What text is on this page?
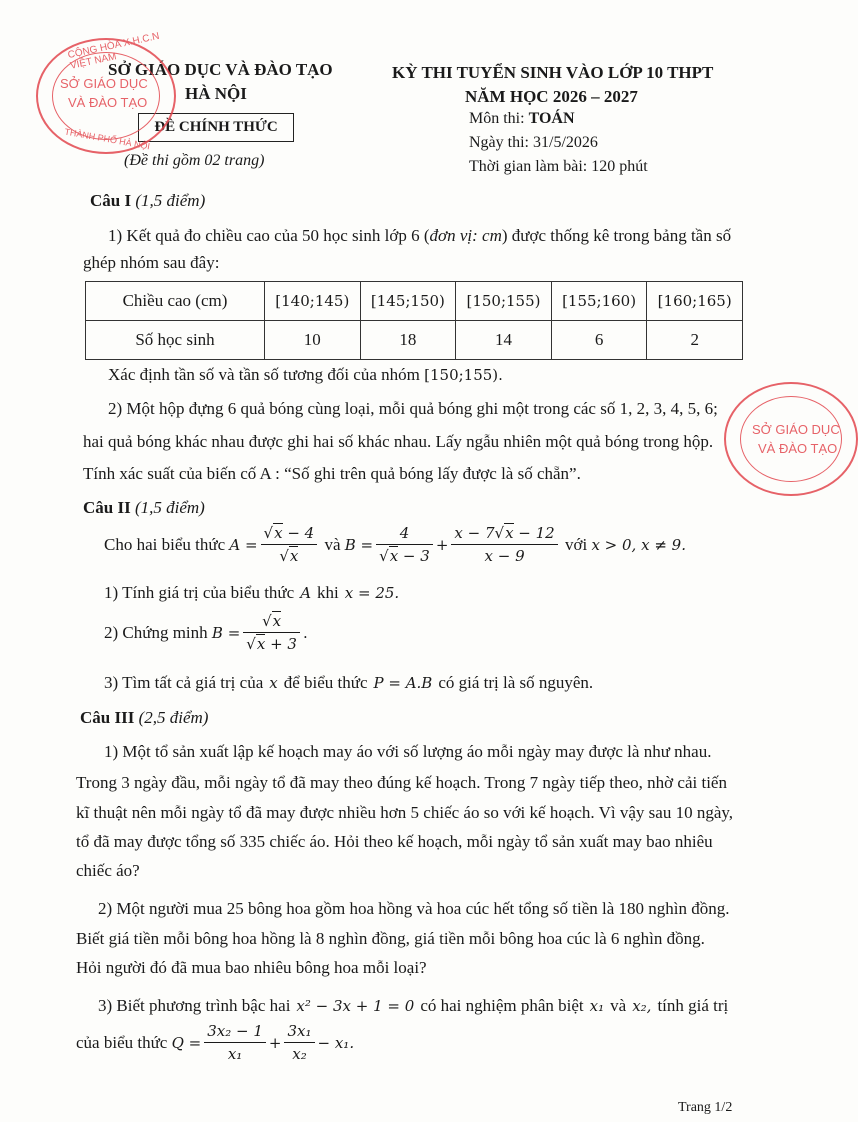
SỞ GIÁO DỤC VÀ ĐÀO TẠO
HÀ NỘI
ĐỀ CHÍNH THỨC
(Đề thi gồm 02 trang)
KỲ THI TUYỂN SINH VÀO LỚP 10 THPT
NĂM HỌC 2026 – 2027
Môn thi: TOÁN
Ngày thi: 31/5/2026
Thời gian làm bài: 120 phút
CỘNG HÒA X.H.C.N VIỆT NAM
SỞ GIÁO DỤC
VÀ ĐÀO TẠO
THÀNH PHỐ HÀ NỘI
SỞ GIÁO DỤC
VÀ ĐÀO TẠO
Câu I (1,5 điểm)
1) Kết quả đo chiều cao của 50 học sinh lớp 6 (đơn vị: cm) được thống kê trong bảng tần số
ghép nhóm sau đây:
Chiều cao (cm)	[140;145)	[145;150)	[150;155)	[155;160)	[160;165)
Số học sinh	10	18	14	6	2
Xác định tần số và tần số tương đối của nhóm [150;155).
2) Một hộp đựng 6 quả bóng cùng loại, mỗi quả bóng ghi một trong các số 1, 2, 3, 4, 5, 6;
hai quả bóng khác nhau được ghi hai số khác nhau. Lấy ngẫu nhiên một quả bóng trong hộp.
Tính xác suất của biến cố A : “Số ghi trên quả bóng lấy được là số chẵn”.
Câu II (1,5 điểm)
Cho hai biểu thức
$A = \frac{√x - 4}{√x}$
và
$B = \frac{4}{√x - 3} + \frac{x - 7√x - 12}{x - 9}$
với
x > 0, x ≠ 9.
1) Tính giá trị của biểu thức A khi x = 25.
2) Chứng minh
$B = \frac{√x}{√x + 3}$ .
3) Tìm tất cả giá trị của x để biểu thức P = A.B có giá trị là số nguyên.
Câu III (2,5 điểm)
1) Một tổ sản xuất lập kế hoạch may áo với số lượng áo mỗi ngày may được là như nhau.
Trong 3 ngày đầu, mỗi ngày tổ đã may theo đúng kế hoạch. Trong 7 ngày tiếp theo, nhờ cải tiến
kĩ thuật nên mỗi ngày tổ đã may được nhiều hơn 5 chiếc áo so với kế hoạch. Vì vậy sau 10 ngày,
tổ đã may được tổng số 335 chiếc áo. Hỏi theo kế hoạch, mỗi ngày tổ sản xuất may bao nhiêu
chiếc áo?
2) Một người mua 25 bông hoa gồm hoa hồng và hoa cúc hết tổng số tiền là 180 nghìn đồng.
Biết giá tiền mỗi bông hoa hồng là 8 nghìn đồng, giá tiền mỗi bông hoa cúc là 6 nghìn đồng.
Hỏi người đó đã mua bao nhiêu bông hoa mỗi loại?
3) Biết phương trình bậc hai x² − 3x + 1 = 0 có hai nghiệm phân biệt x₁ và x₂, tính giá trị
của biểu thức
$Q = \frac{\text{3x₂ − 1}}{\text{x₁}} + \frac{\text{3x₁}}{\text{x₂}} - x_1$.
Trang 1/2
